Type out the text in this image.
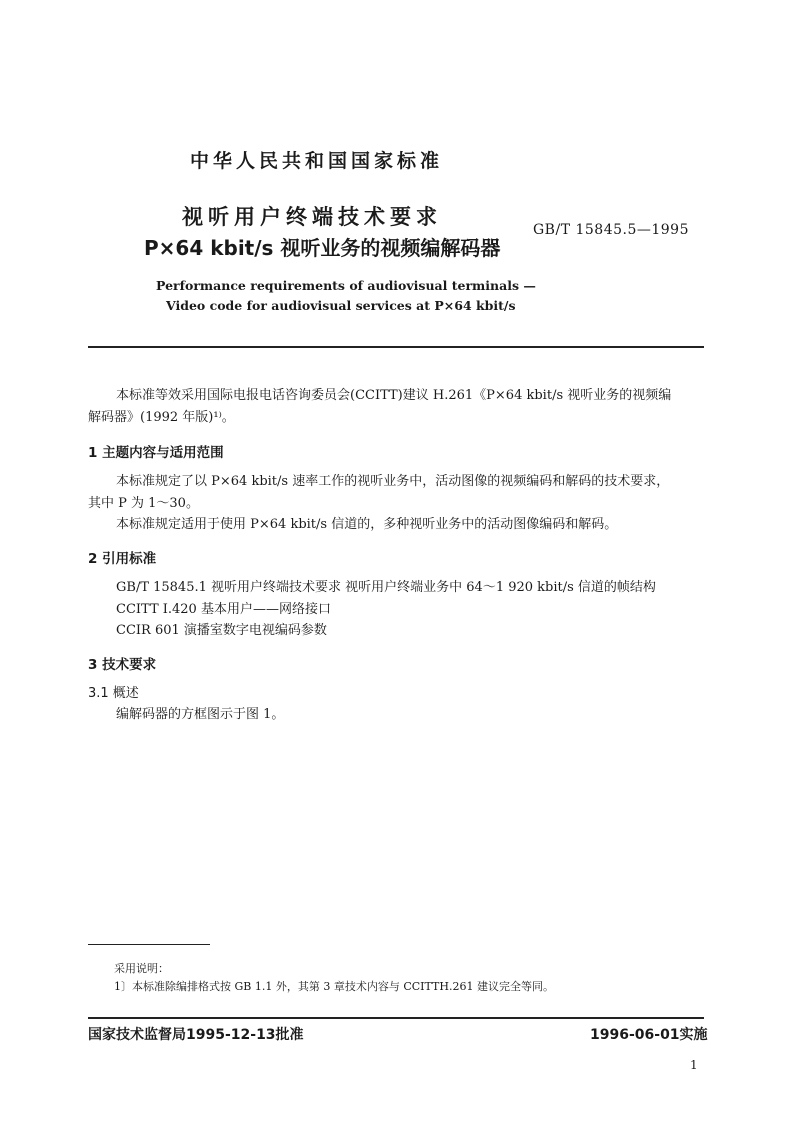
中华人民共和国国家标准
视听用户终端技术要求
P×64 kbit/s 视听业务的视频编解码器
GB/T 15845.5—1995
Performance requirements of audiovisual terminals —
Video code for audiovisual services at P×64 kbit/s
本标准等效采用国际电报电话咨询委员会(CCITT)建议 H.261《P×64 kbit/s 视听业务的视频编
解码器》(1992 年版)¹⁾。
1 主题内容与适用范围
本标准规定了以 P×64 kbit/s 速率工作的视听业务中，活动图像的视频编码和解码的技术要求，
其中 P 为 1～30。
本标准规定适用于使用 P×64 kbit/s 信道的，多种视听业务中的活动图像编码和解码。
2 引用标准
GB/T 15845.1 视听用户终端技术要求 视听用户终端业务中 64～1 920 kbit/s 信道的帧结构
CCITT I.420 基本用户——网络接口
CCIR 601 演播室数字电视编码参数
3 技术要求
3.1 概述
编解码器的方框图示于图 1。
采用说明：
1〕本标准除编排格式按 GB 1.1 外，其第 3 章技术内容与 CCITTH.261 建议完全等同。
国家技术监督局1995-12-13批准	1996-06-01实施
1
